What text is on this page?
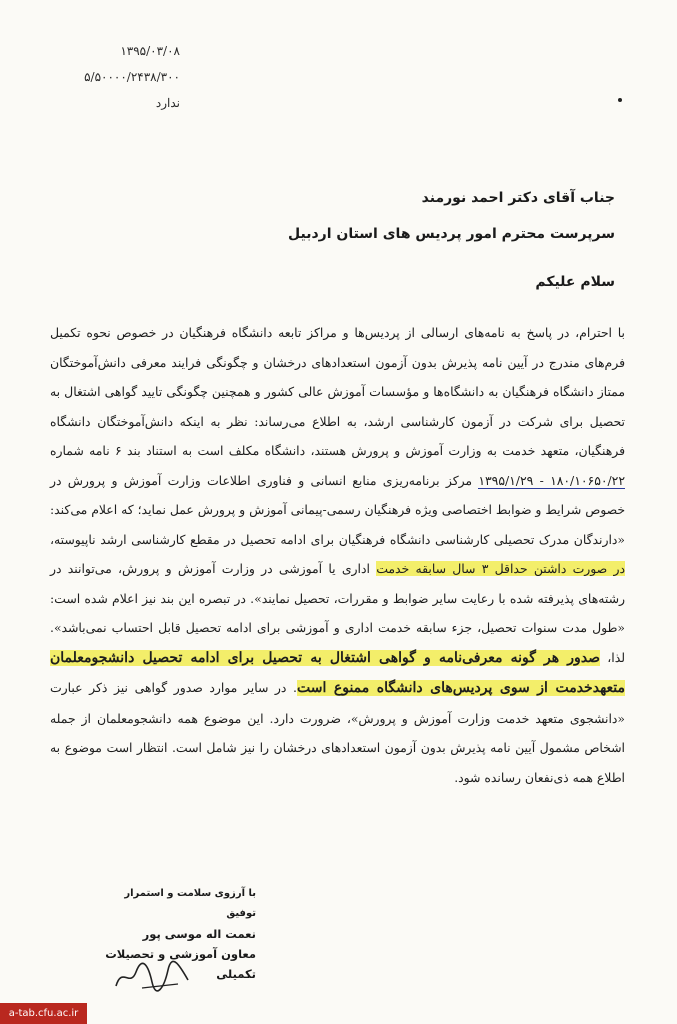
۱۳۹۵/۰۳/۰۸
۵/۵۰۰۰۰/۲۴۳۸/۳۰۰
ندارد
جناب آقای دکتر احمد نورمند
سرپرست محترم امور پردیس های استان اردبیل
سلام علیکم

با احترام، در پاسخ به نامه‌های ارسالی از پردیس‌ها و مراکز تابعه دانشگاه فرهنگیان در خصوص نحوه تکمیل فرم‌های مندرج در آیین نامه پذیرش بدون آزمون استعدادهای درخشان و چگونگی فرایند معرفی دانش‌آموختگان ممتاز دانشگاه فرهنگیان به دانشگاه‌ها و مؤسسات آموزش عالی کشور و همچنین چگونگی تایید گواهی اشتغال به تحصیل برای شرکت در آزمون کارشناسی ارشد، به اطلاع می‌رساند: نظر به اینکه دانش‌آموختگان دانشگاه فرهنگیان، متعهد خدمت به وزارت آموزش و پرورش هستند، دانشگاه مکلف است به استناد بند ۶ نامه شماره ۱۸۰/۱۰۶۵۰/۲۲ - ۱۳۹۵/۱/۲۹ مرکز برنامه‌ریزی منابع انسانی و فناوری اطلاعات وزارت آموزش و پرورش در خصوص شرایط و ضوابط اختصاصی ویژه فرهنگیان رسمی-پیمانی آموزش و پرورش عمل نماید؛ که اعلام می‌کند: «دارندگان مدرک تحصیلی کارشناسی دانشگاه فرهنگیان برای ادامه تحصیل در مقطع کارشناسی ارشد ناپیوسته، در صورت داشتن حداقل ۳ سال سابقه خدمت اداری یا آموزشی در وزارت آموزش و پرورش، می‌توانند در رشته‌های پذیرفته شده با رعایت سایر ضوابط و مقررات، تحصیل نمایند». در تبصره این بند نیز اعلام شده است: «طول مدت سنوات تحصیل، جزء سابقه خدمت اداری و آموزشی برای ادامه تحصیل قابل احتساب نمی‌باشد». لذا، صدور هر گونه معرفی‌نامه و گواهی اشتغال به تحصیل برای ادامه تحصیل دانشجومعلمان متعهدخدمت از سوی پردیس‌های دانشگاه ممنوع است. در سایر موارد صدور گواهی نیز ذکر عبارت «دانشجوی متعهد خدمت وزارت آموزش و پرورش»، ضرورت دارد. این موضوع همه دانشجومعلمان از جمله اشخاص مشمول آیین نامه پذیرش بدون آزمون استعدادهای درخشان را نیز شامل است. انتظار است موضوع به اطلاع همه ذی‌نفعان رسانده شود.

با آرزوی سلامت و استمرار توفیق
نعمت اله موسی پور
معاون آموزشی و تحصیلات تکمیلی
a-tab.cfu.ac.ir
